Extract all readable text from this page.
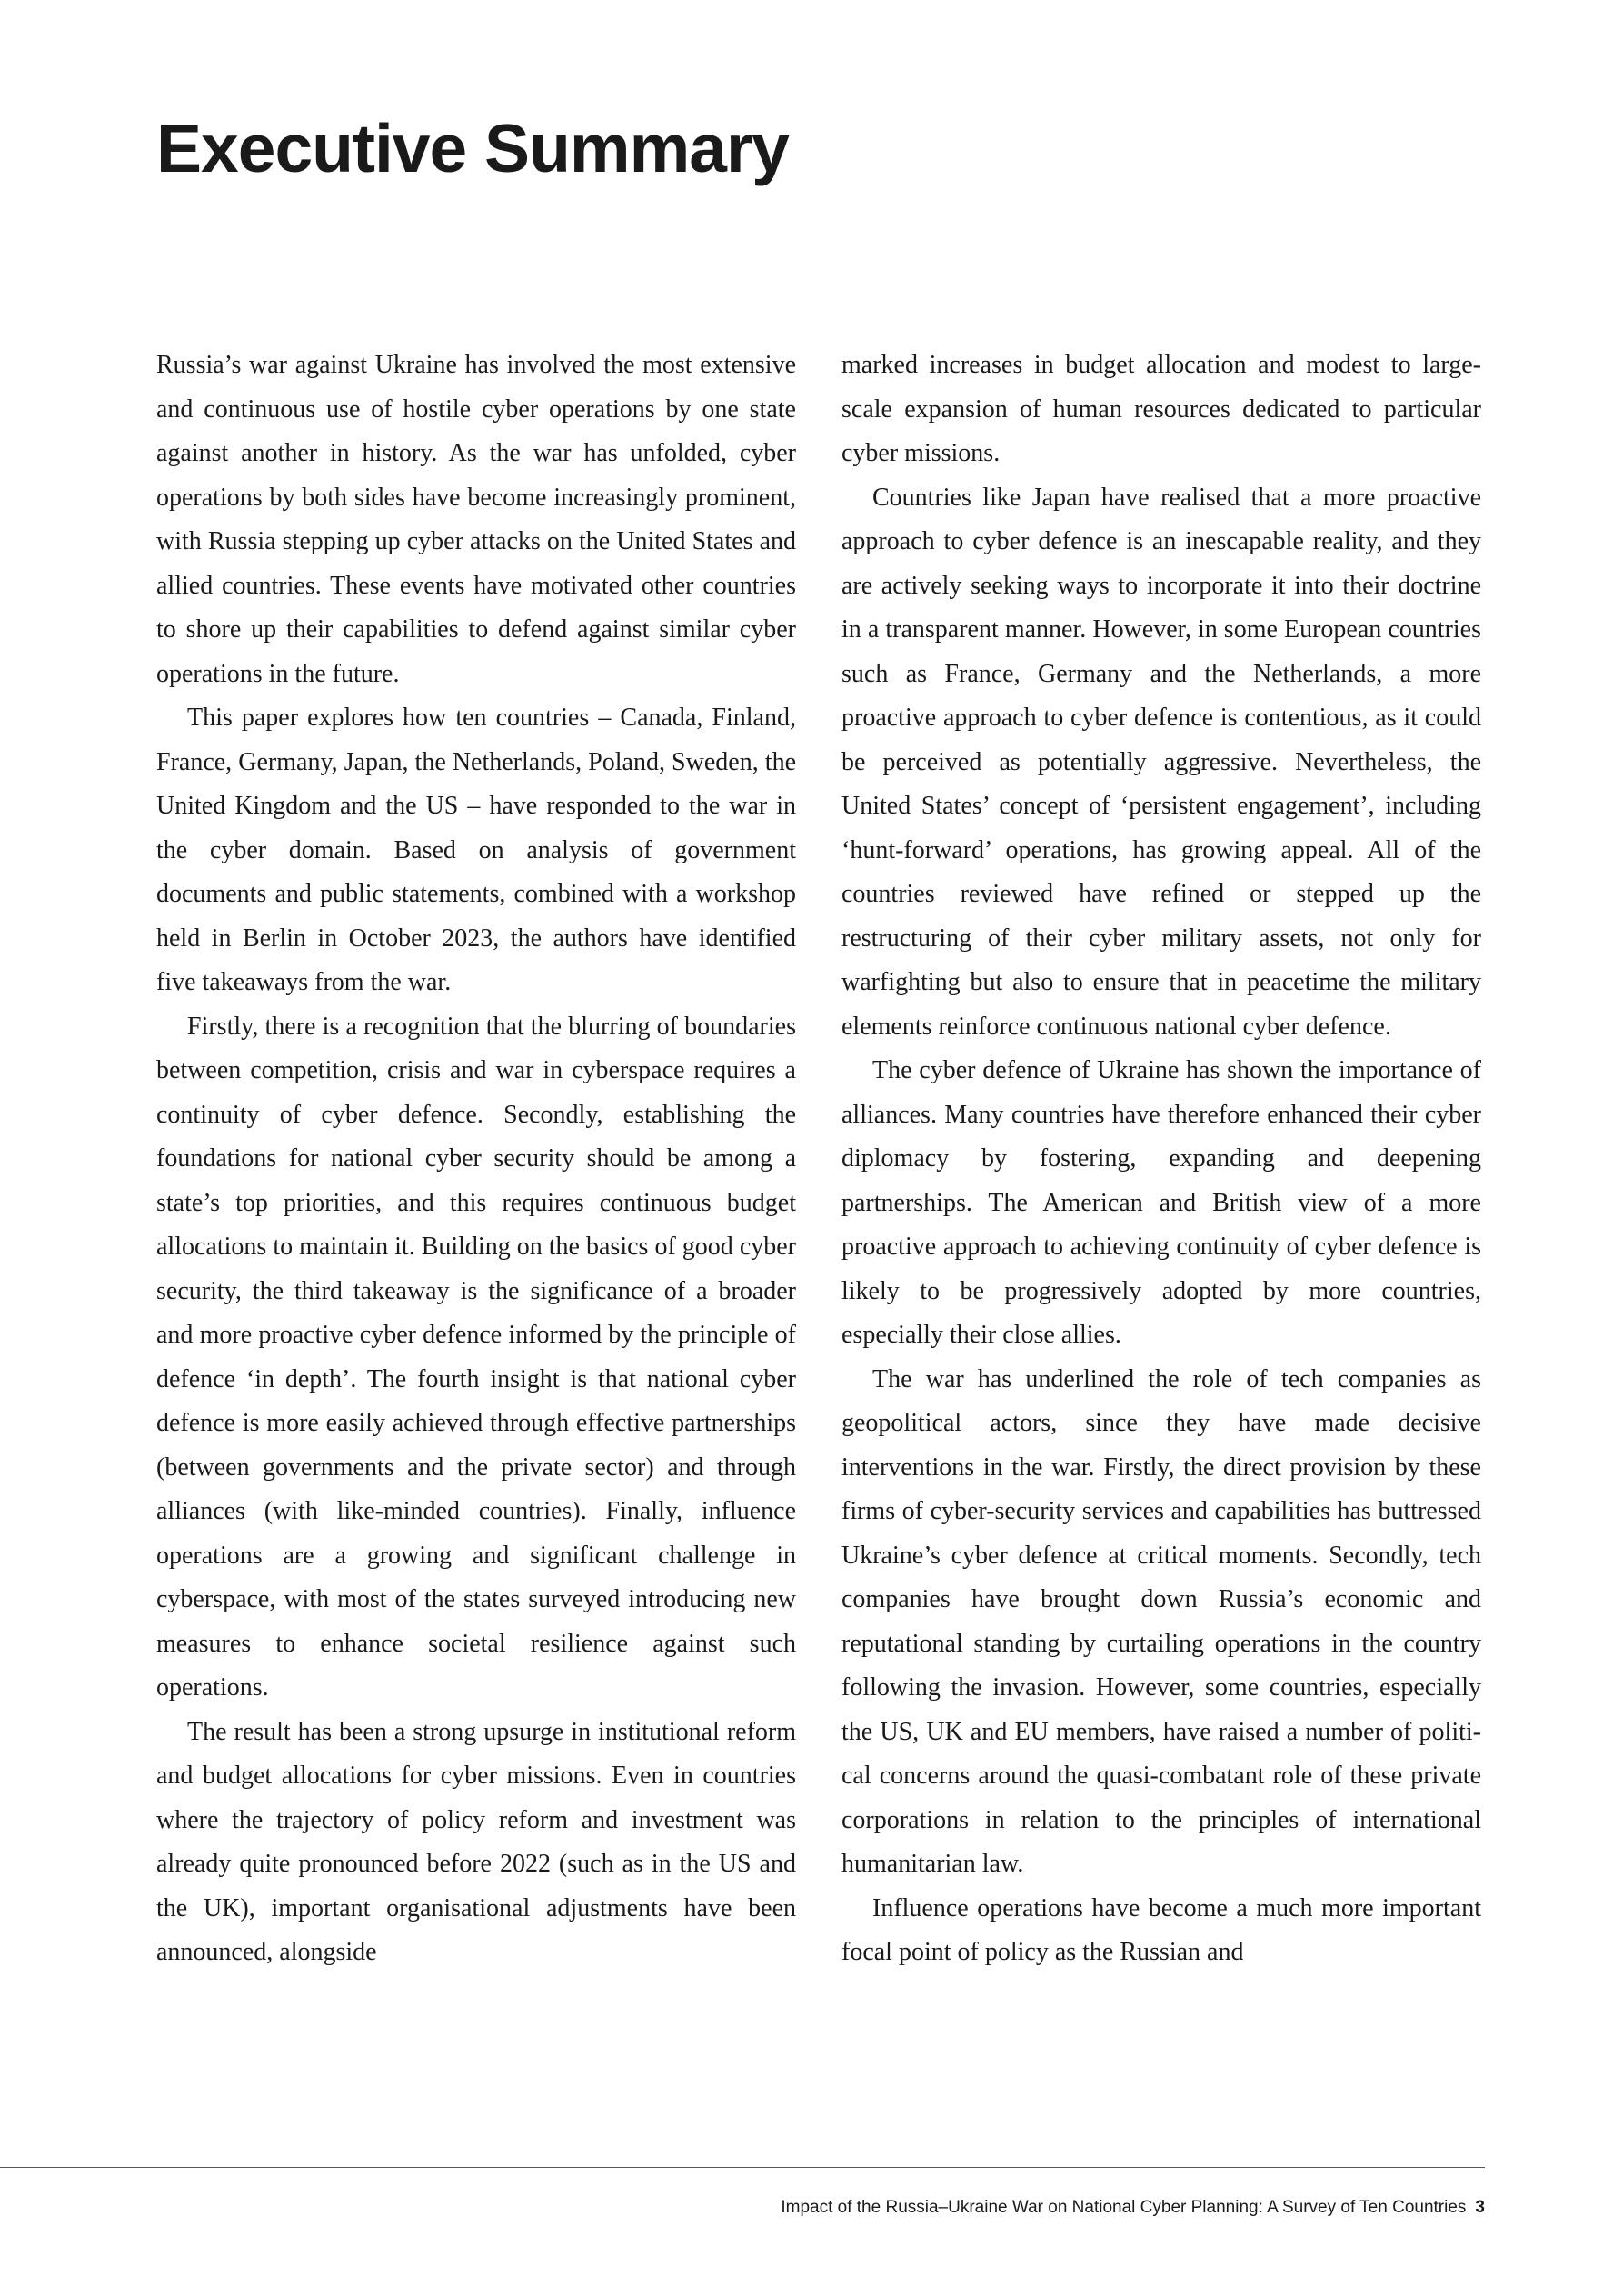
Executive Summary

Russia’s war against Ukraine has involved the most extensive and continuous use of hostile cyber operations by one state against another in history. As the war has unfolded, cyber operations by both sides have become increasingly prominent, with Russia stepping up cyber attacks on the United States and allied countries. These events have motivated other countries to shore up their capabilities to defend against similar cyber operations in the future.

This paper explores how ten countries – Canada, Finland, France, Germany, Japan, the Netherlands, Poland, Sweden, the United Kingdom and the US – have responded to the war in the cyber domain. Based on analysis of government documents and public statements, combined with a workshop held in Berlin in October 2023, the authors have identified five takeaways from the war.

Firstly, there is a recognition that the blurring of boundaries between competition, crisis and war in cyberspace requires a continuity of cyber defence. Secondly, establishing the foundations for national cyber security should be among a state’s top priorities, and this requires continuous budget allocations to maintain it. Building on the basics of good cyber security, the third takeaway is the significance of a broader and more proactive cyber defence informed by the principle of defence ‘in depth’. The fourth insight is that national cyber defence is more easily achieved through effective partnerships (between governments and the private sector) and through alliances (with like-minded countries). Finally, influence operations are a growing and significant challenge in cyberspace, with most of the states surveyed introducing new measures to enhance societal resilience against such operations.

The result has been a strong upsurge in institutional reform and budget allocations for cyber missions. Even in countries where the trajectory of policy reform and investment was already quite pronounced before 2022 (such as in the US and the UK), important organisational adjustments have been announced, alongside

marked increases in budget allocation and modest to large-scale expansion of human resources dedicated to particular cyber missions.

Countries like Japan have realised that a more proactive approach to cyber defence is an inescapable reality, and they are actively seeking ways to incorporate it into their doctrine in a transparent manner. However, in some European countries such as France, Germany and the Netherlands, a more proactive approach to cyber defence is contentious, as it could be perceived as potentially aggressive. Nevertheless, the United States’ concept of ‘persistent engagement’, including ‘hunt-forward’ operations, has growing appeal. All of the countries reviewed have refined or stepped up the restructuring of their cyber military assets, not only for warfighting but also to ensure that in peacetime the military elements reinforce continuous national cyber defence.

The cyber defence of Ukraine has shown the importance of alliances. Many countries have therefore enhanced their cyber diplomacy by fostering, expanding and deepening partnerships. The American and British view of a more proactive approach to achieving continuity of cyber defence is likely to be progressively adopted by more countries, especially their close allies.

The war has underlined the role of tech companies as geopolitical actors, since they have made decisive interventions in the war. Firstly, the direct provision by these firms of cyber-security services and capabilities has buttressed Ukraine’s cyber defence at critical moments. Secondly, tech companies have brought down Russia’s economic and reputational standing by curtailing operations in the country following the invasion. However, some countries, especially the US, UK and EU members, have raised a number of political concerns around the quasi-combatant role of these private corporations in relation to the principles of international humanitarian law.

Influence operations have become a much more important focal point of policy as the Russian and

Impact of the Russia–Ukraine War on National Cyber Planning: A Survey of Ten Countries 3
